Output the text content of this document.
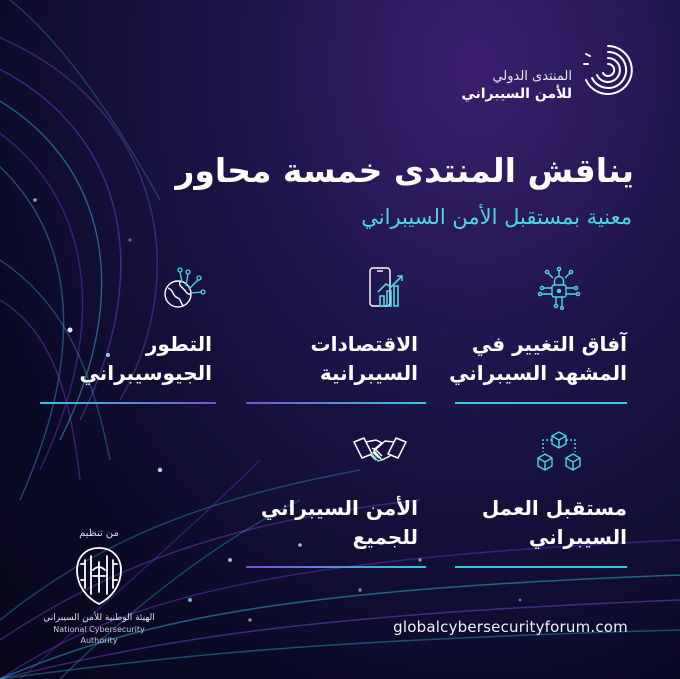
المنتدى الدولي
للأمن السيبراني
يناقش المنتدى خمسة محاور
معنية بمستقبل الأمن السيبراني
آفاق التغيير في
المشهد السيبراني
الاقتصادات
السيبرانية
التطور
الجيوسيبراني
مستقبل العمل
السيبراني
الأمن السيبراني
للجميع
من تنظيم
الهيئة الوطنية للأمن السيبراني
National Cybersecurity Authority
globalcybersecurityforum.com
